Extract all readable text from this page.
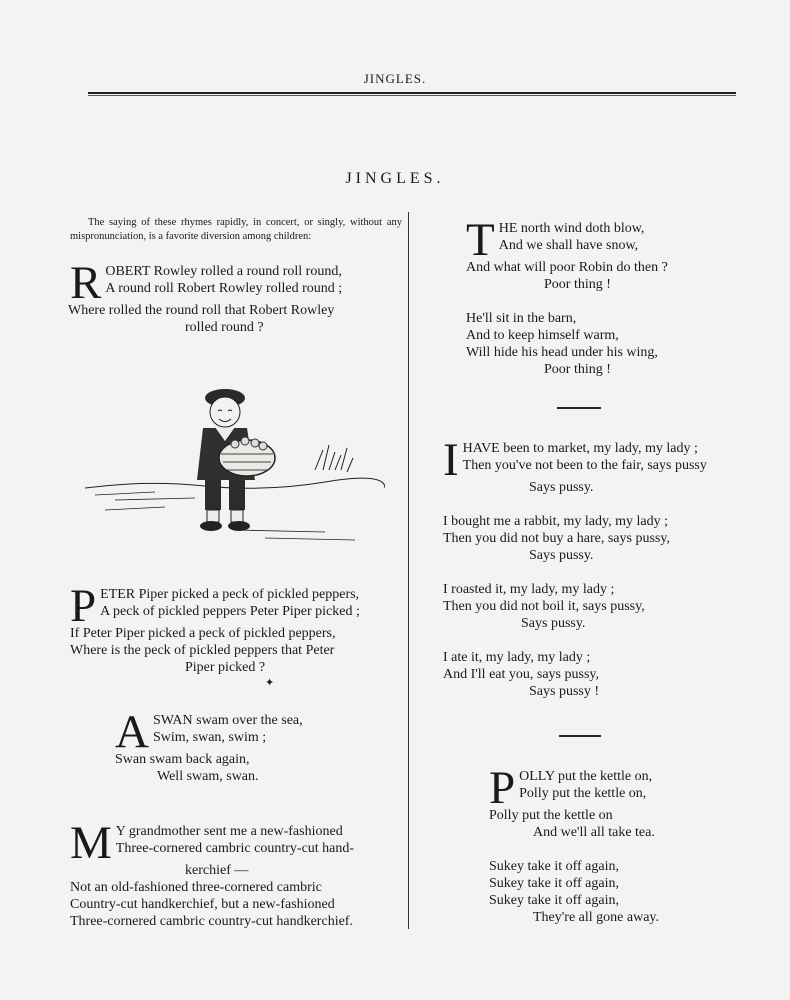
JINGLES.
JINGLES.
The saying of these rhymes rapidly, in concert, or singly, without any mispronunciation, is a favorite diversion among children:
R OBERT Rowley rolled a round roll round,
A round roll Robert Rowley rolled round ;
Where rolled the round roll that Robert Rowley
rolled round ?
P ETER Piper picked a peck of pickled peppers,
A peck of pickled peppers Peter Piper picked ;
If Peter Piper picked a peck of pickled peppers,
Where is the peck of pickled peppers that Peter
Piper picked ?
✦
A SWAN swam over the sea,
Swim, swan, swim ;
Swan swam back again,
Well swam, swan.
M Y grandmother sent me a new-fashioned
Three-cornered cambric country-cut hand-
kerchief —
Not an old-fashioned three-cornered cambric
Country-cut handkerchief, but a new-fashioned
Three-cornered cambric country-cut handkerchief.
T HE north wind doth blow,
And we shall have snow,
And what will poor Robin do then ?
Poor thing !
He'll sit in the barn,
And to keep himself warm,
Will hide his head under his wing,
Poor thing !
I HAVE been to market, my lady, my lady ;
Then you've not been to the fair, says pussy
Says pussy.
I bought me a rabbit, my lady, my lady ;
Then you did not buy a hare, says pussy,
Says pussy.
I roasted it, my lady, my lady ;
Then you did not boil it, says pussy,
Says pussy.
I ate it, my lady, my lady ;
And I'll eat you, says pussy,
Says pussy !
P OLLY put the kettle on,
Polly put the kettle on,
Polly put the kettle on
And we'll all take tea.
Sukey take it off again,
Sukey take it off again,
Sukey take it off again,
They're all gone away.
